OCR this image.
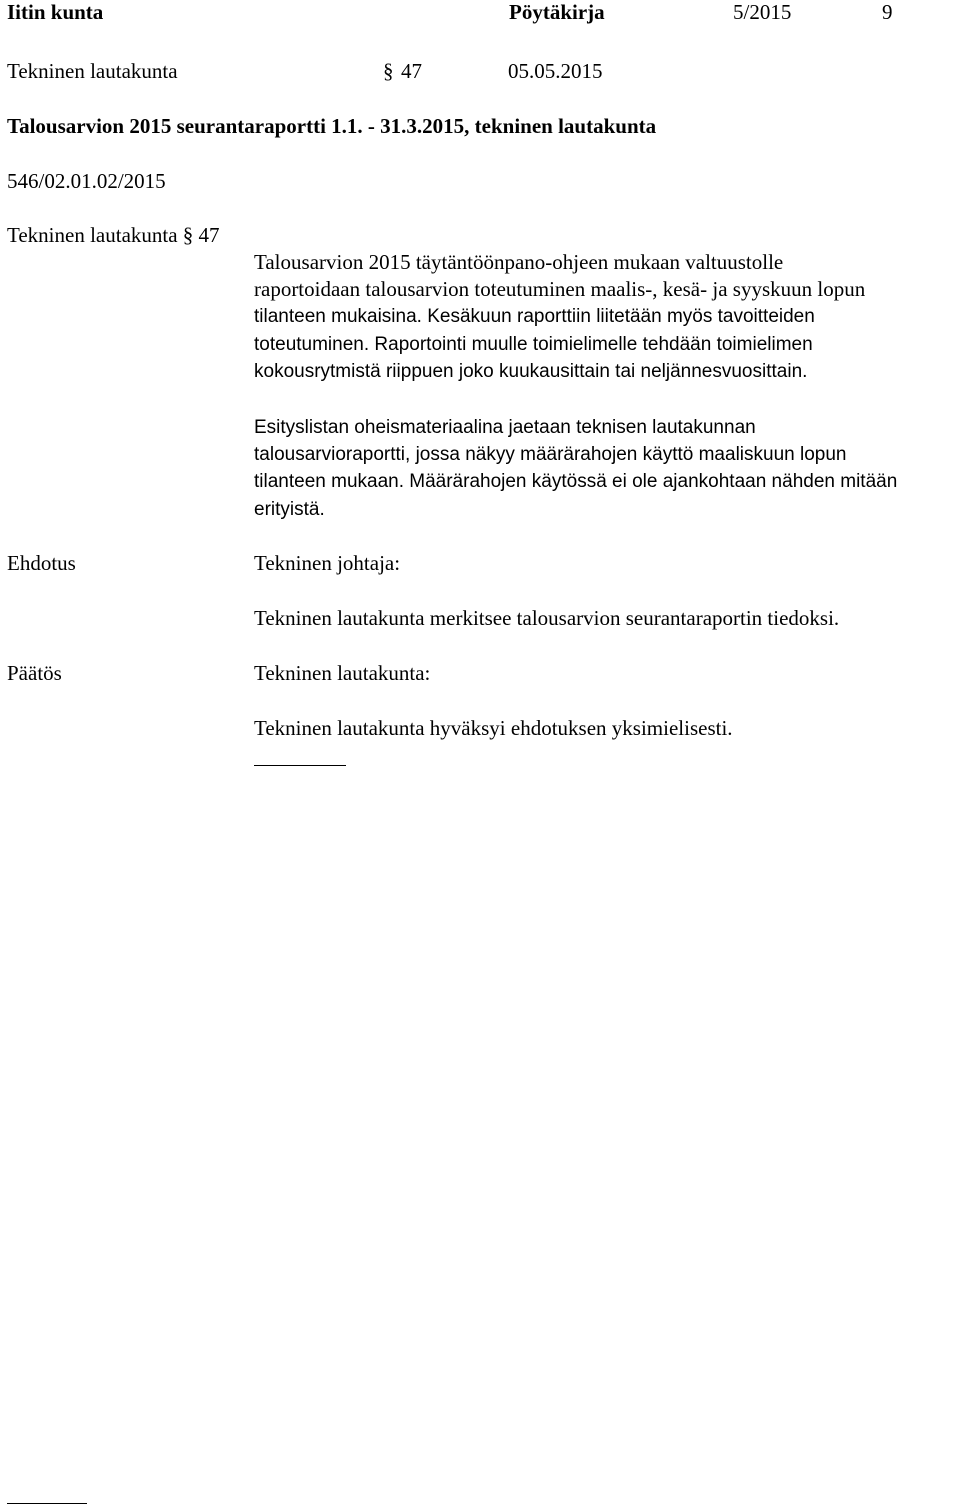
Iitin kunta	Pöytäkirja	5/2015	9
Tekninen lautakunta	§ 47	05.05.2015
Talousarvion 2015 seurantaraportti 1.1. - 31.3.2015, tekninen lautakunta
546/02.01.02/2015
Tekninen lautakunta § 47
Talousarvion 2015 täytäntöönpano-ohjeen mukaan valtuustolle
raportoidaan talousarvion toteutuminen maalis-, kesä- ja syyskuun lopun
tilanteen mukaisina. Kesäkuun raporttiin liitetään myös tavoitteiden
toteutuminen. Raportointi muulle toimielimelle tehdään toimielimen
kokousrytmistä riippuen joko kuukausittain tai neljännesvuosittain.
Esityslistan oheismateriaalina jaetaan teknisen lautakunnan
talousarvioraportti, jossa näkyy määrärahojen käyttö maaliskuun lopun
tilanteen mukaan. Määrärahojen käytössä ei ole ajankohtaan nähden mitään
erityistä.
Ehdotus	Tekninen johtaja:
Tekninen lautakunta merkitsee talousarvion seurantaraportin tiedoksi.
Päätös	Tekninen lautakunta:
Tekninen lautakunta hyväksyi ehdotuksen yksimielisesti.
